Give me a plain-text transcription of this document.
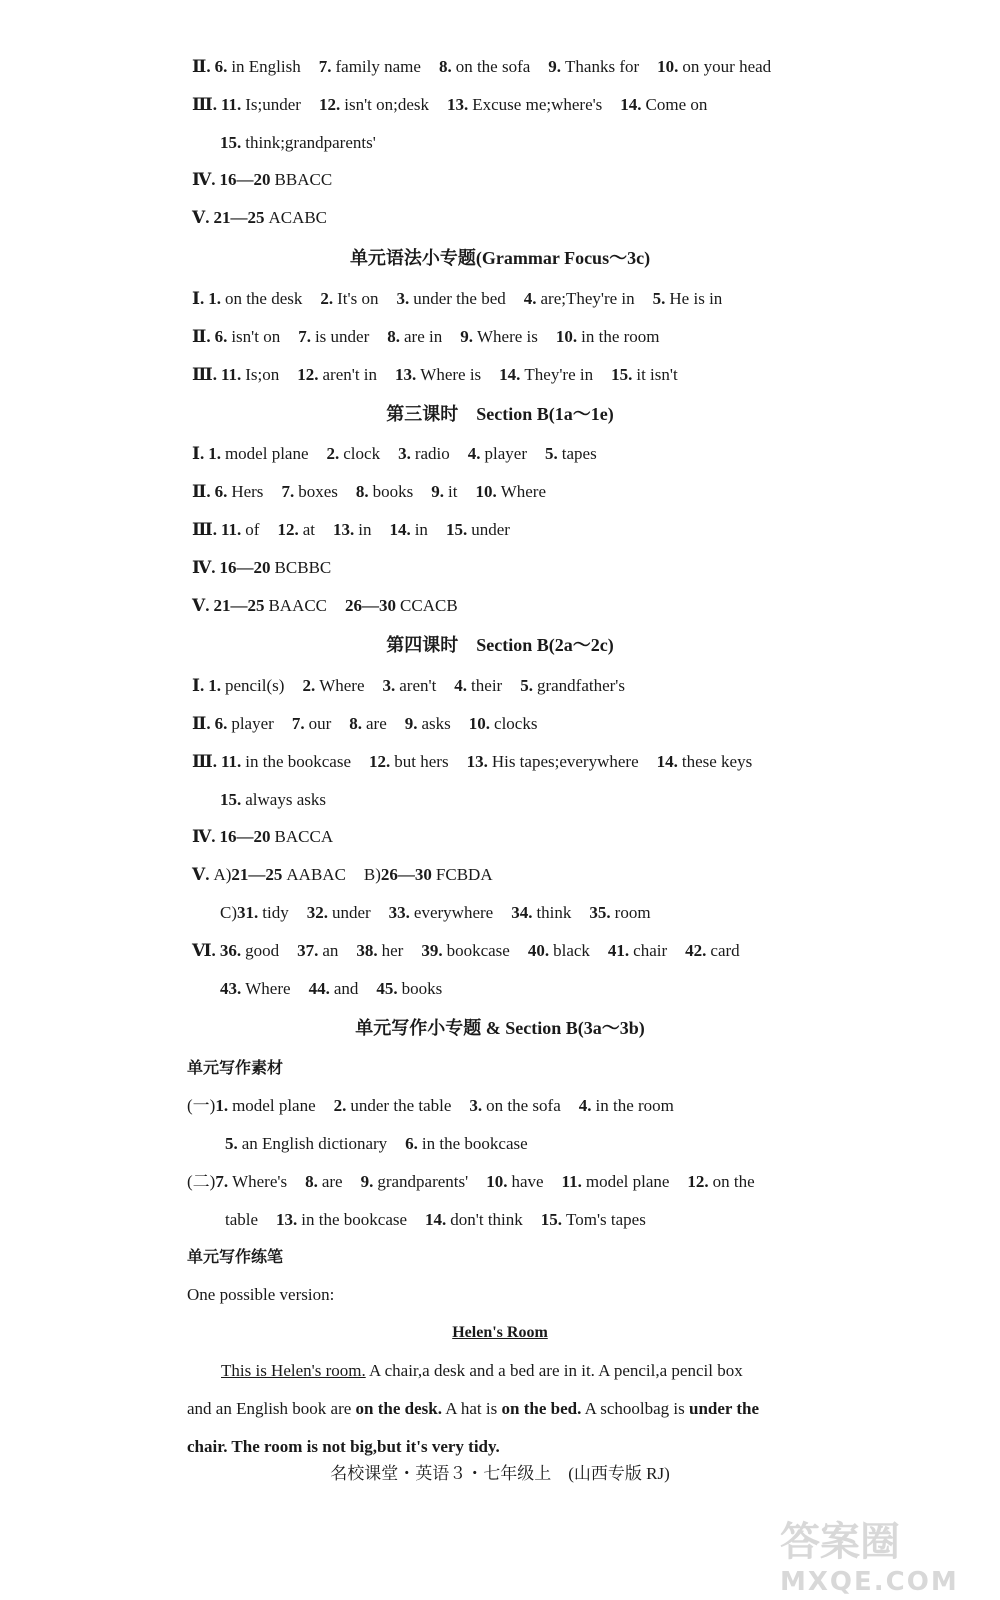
Ⅱ. 6. in English 7. family name 8. on the sofa 9. Thanks for 10. on your head
Ⅲ. 11. Is;under 12. isn't on;desk 13. Excuse me;where's 14. Come on
15. think;grandparents'
Ⅳ. 16—20 BBACC
Ⅴ. 21—25 ACABC
单元语法小专题(Grammar Focus～3c)
Ⅰ. 1. on the desk 2. It's on 3. under the bed 4. are;They're in 5. He is in
Ⅱ. 6. isn't on 7. is under 8. are in 9. Where is 10. in the room
Ⅲ. 11. Is;on 12. aren't in 13. Where is 14. They're in 15. it isn't
第三课时　Section B(1a～1e)
Ⅰ. 1. model plane 2. clock 3. radio 4. player 5. tapes
Ⅱ. 6. Hers 7. boxes 8. books 9. it 10. Where
Ⅲ. 11. of 12. at 13. in 14. in 15. under
Ⅳ. 16—20 BCBBC
Ⅴ. 21—25 BAACC 26—30 CCACB
第四课时　Section B(2a～2c)
Ⅰ. 1. pencil(s) 2. Where 3. aren't 4. their 5. grandfather's
Ⅱ. 6. player 7. our 8. are 9. asks 10. clocks
Ⅲ. 11. in the bookcase 12. but hers 13. His tapes;everywhere 14. these keys
15. always asks
Ⅳ. 16—20 BACCA
Ⅴ. A)21—25 AABAC B)26—30 FCBDA
C)31. tidy 32. under 33. everywhere 34. think 35. room
Ⅵ. 36. good 37. an 38. her 39. bookcase 40. black 41. chair 42. card
43. Where 44. and 45. books
单元写作小专题 & Section B(3a～3b)
单元写作素材
(一)1. model plane 2. under the table 3. on the sofa 4. in the room
5. an English dictionary 6. in the bookcase
(二)7. Where's 8. are 9. grandparents' 10. have 11. model plane 12. on the
table 13. in the bookcase 14. don't think 15. Tom's tapes
单元写作练笔
One possible version:
Helen's Room
This is Helen's room. A chair,a desk and a bed are in it. A pencil,a pencil box
and an English book are on the desk. A hat is on the bed. A schoolbag is under the
chair. The room is not big,but it's very tidy.
名校课堂・英语３・七年级上　(山西专版 RJ)
答案圈
MXQE.COM
